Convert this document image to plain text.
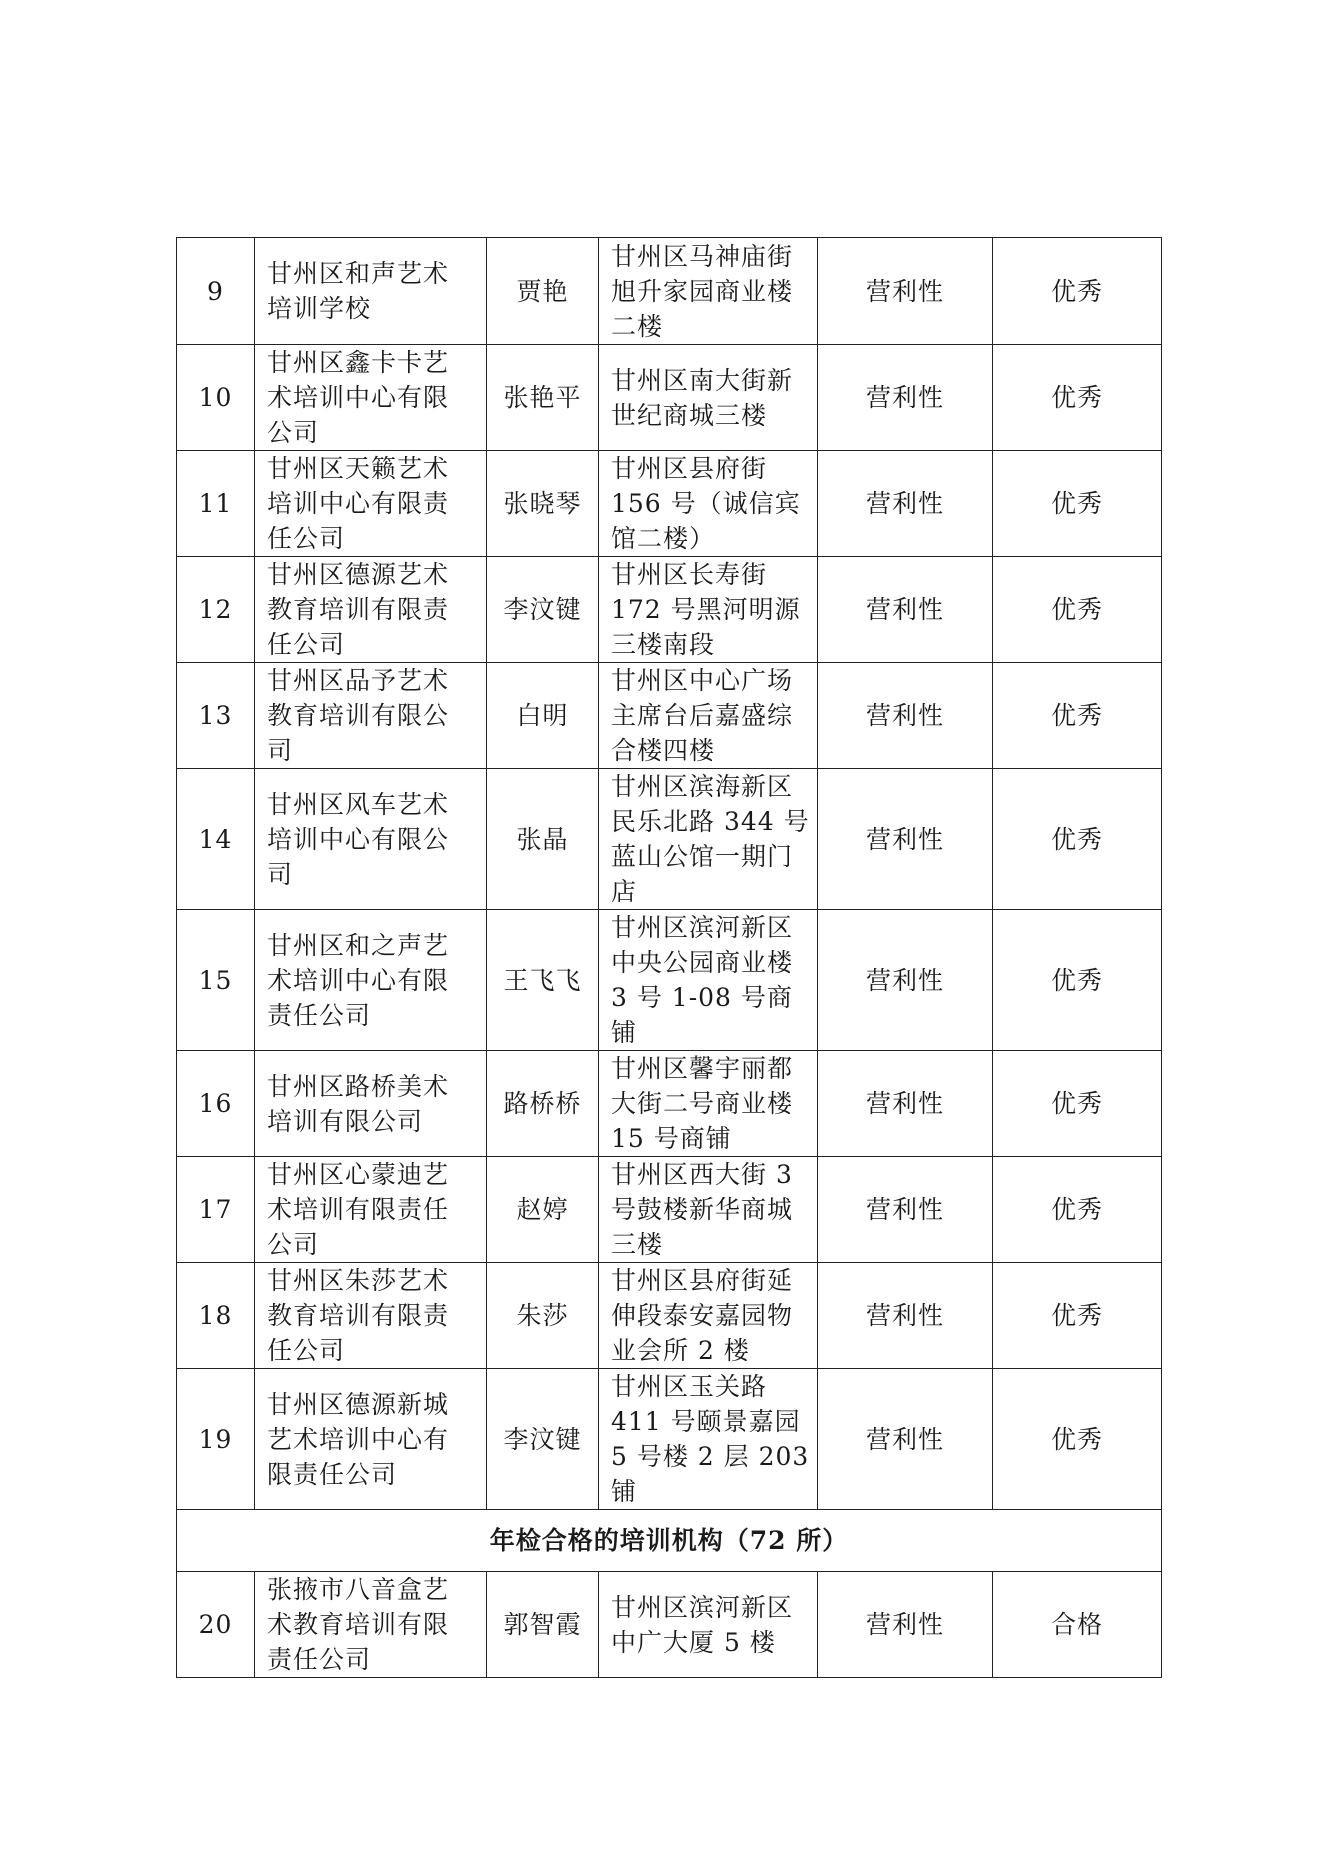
9	甘州区和声艺术
培训学校	贾艳	甘州区马神庙街
旭升家园商业楼
二楼	营利性	优秀

10	甘州区鑫卡卡艺
术培训中心有限
公司	张艳平	甘州区南大街新
世纪商城三楼	营利性	优秀

11	甘州区天籁艺术
培训中心有限责
任公司	张晓琴	甘州区县府街
156 号（诚信宾
馆二楼）	营利性	优秀

12	甘州区德源艺术
教育培训有限责
任公司	李汶键	甘州区长寿街
172 号黑河明源
三楼南段	营利性	优秀

13	甘州区品予艺术
教育培训有限公
司	白明	甘州区中心广场
主席台后嘉盛综
合楼四楼	营利性	优秀

14	甘州区风车艺术
培训中心有限公
司	张晶	甘州区滨海新区
民乐北路 344 号
蓝山公馆一期门
店	营利性	优秀

15	甘州区和之声艺
术培训中心有限
责任公司	王飞飞	甘州区滨河新区
中央公园商业楼
3 号 1-08 号商铺	营利性	优秀

16	甘州区路桥美术
培训有限公司	路桥桥	甘州区馨宇丽都
大街二号商业楼
15 号商铺	营利性	优秀

17	甘州区心蒙迪艺
术培训有限责任
公司	赵婷	甘州区西大街 3
号鼓楼新华商城
三楼	营利性	优秀

18	甘州区朱莎艺术
教育培训有限责
任公司	朱莎	甘州区县府街延
伸段泰安嘉园物
业会所 2 楼	营利性	优秀

19	甘州区德源新城
艺术培训中心有
限责任公司	李汶键	甘州区玉关路
411 号颐景嘉园
5 号楼 2 层 203
铺	营利性	优秀

年检合格的培训机构（72 所）					

20	张掖市八音盒艺
术教育培训有限
责任公司	郭智霞	甘州区滨河新区
中广大厦 5 楼	营利性	合格
